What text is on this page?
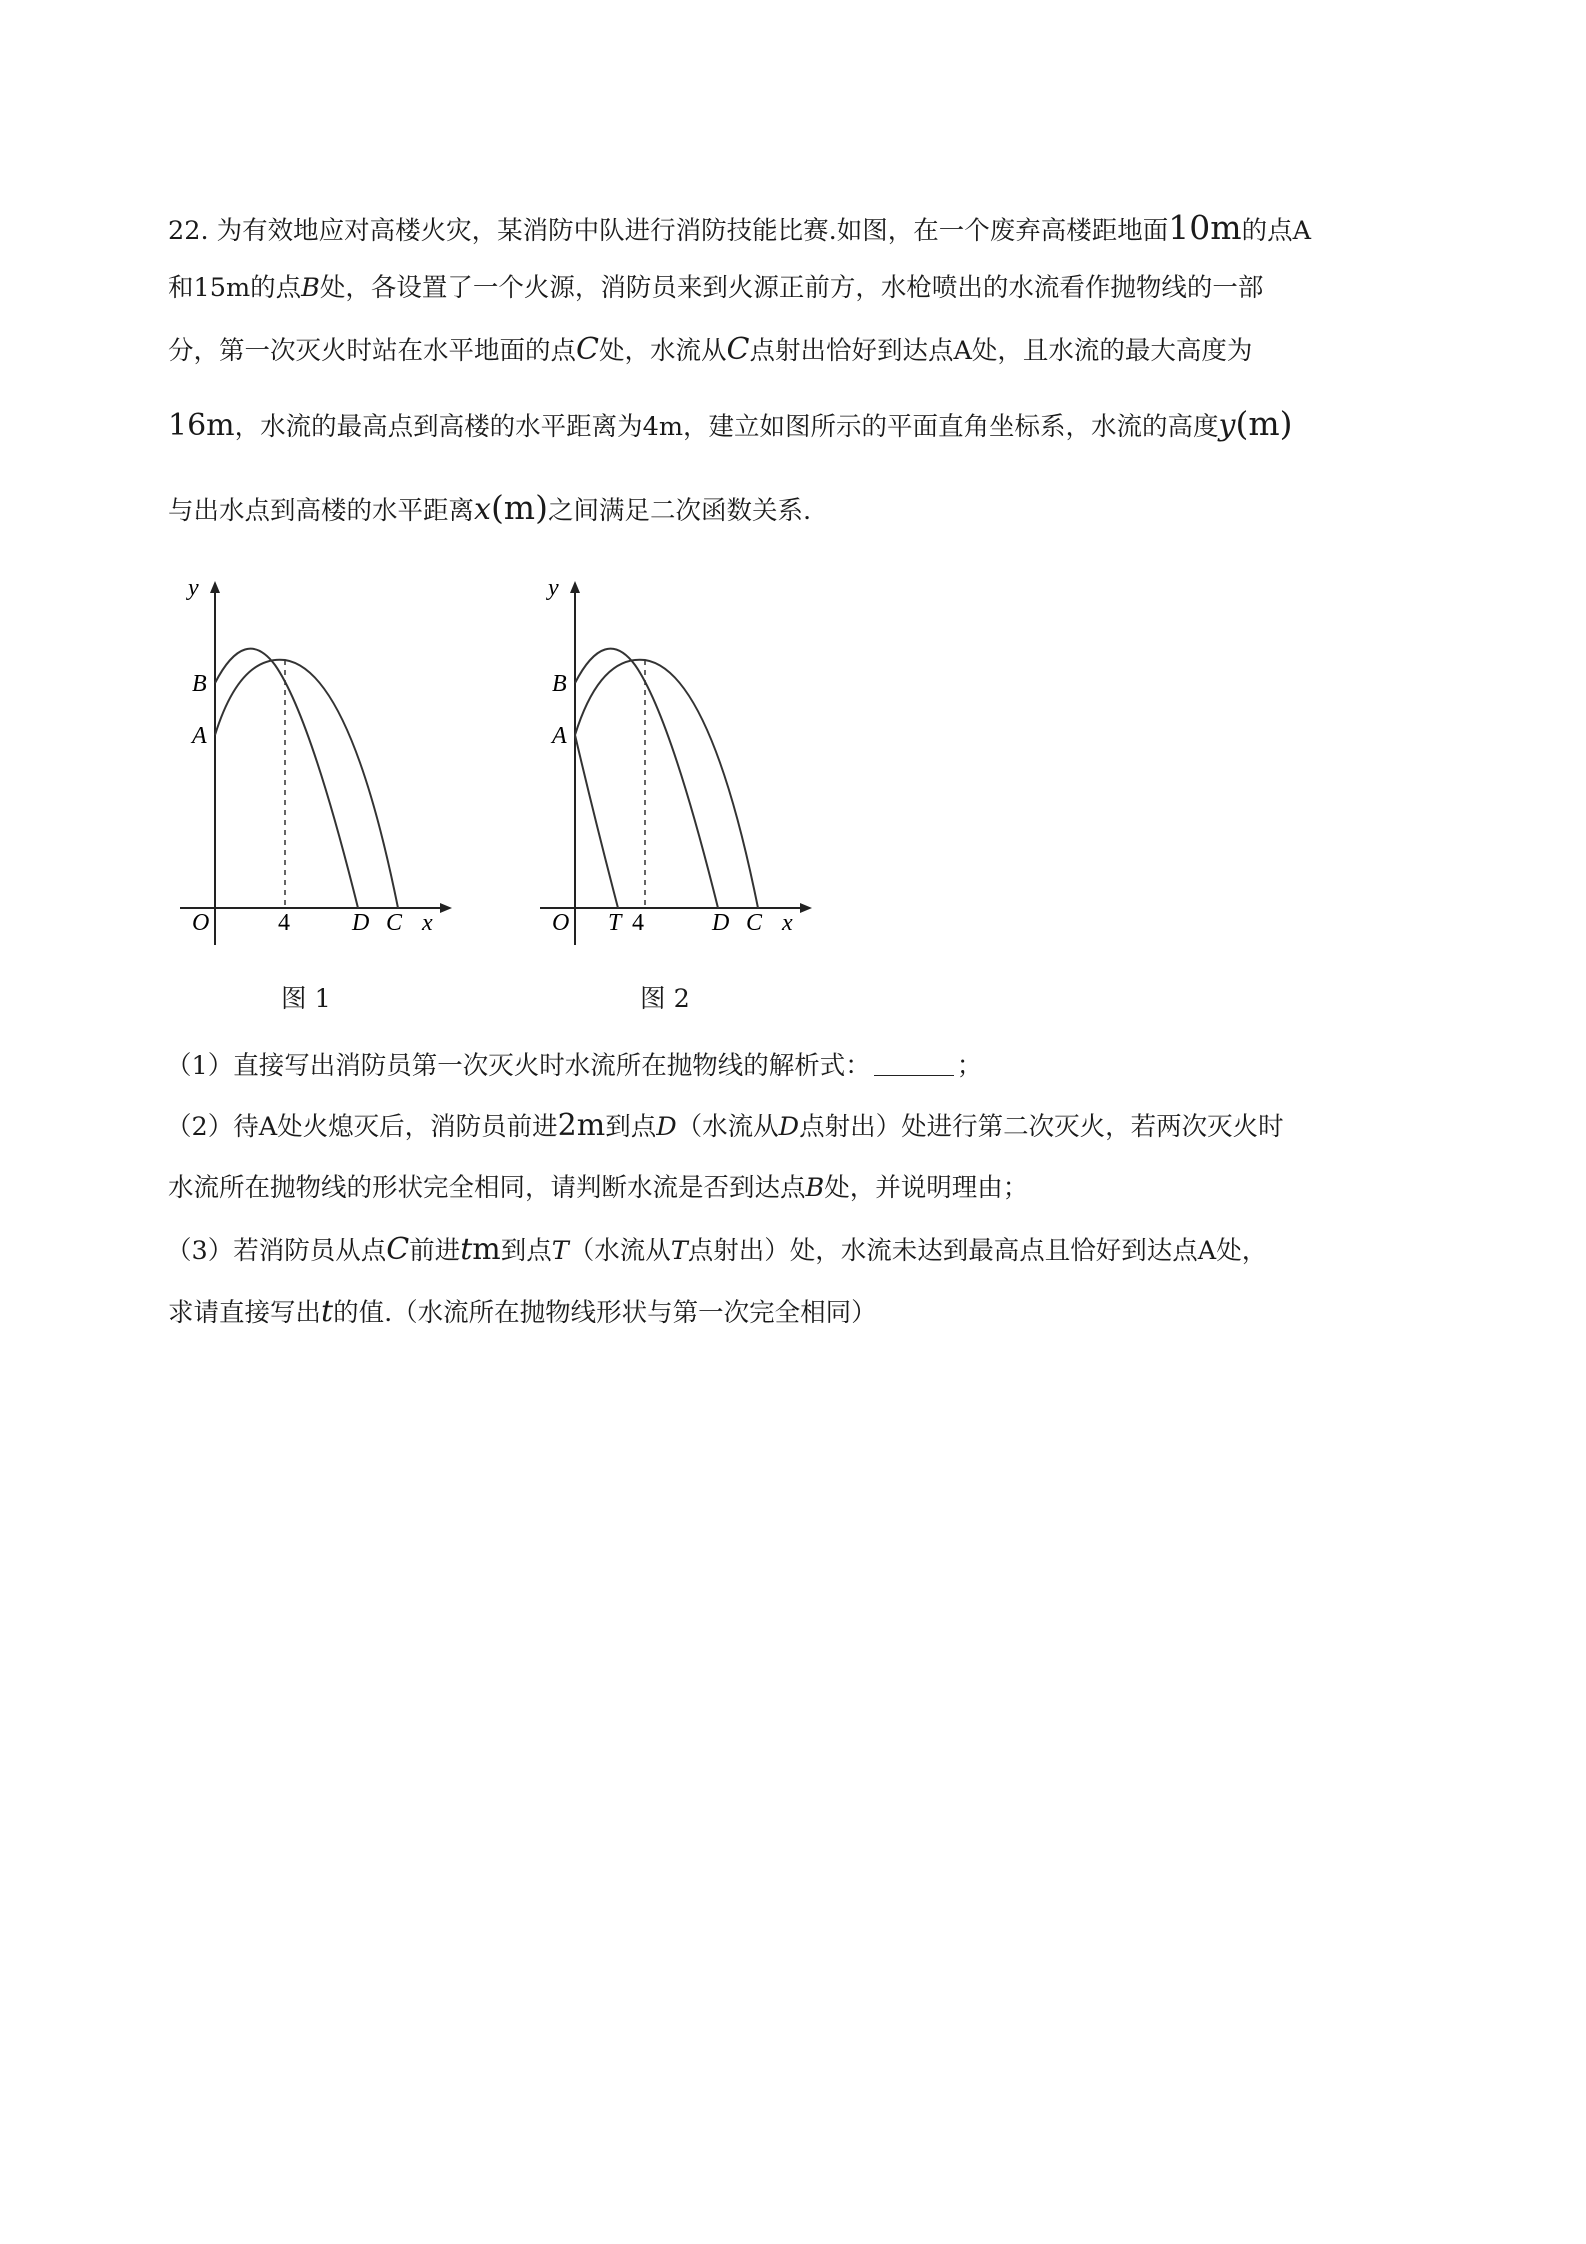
22. 为有效地应对高楼火灾，某消防中队进行消防技能比赛.如图，在一个废弃高楼距地面10m的点A
和15m的点B处，各设置了一个火源，消防员来到火源正前方，水枪喷出的水流看作抛物线的一部
分，第一次灭火时站在水平地面的点C处，水流从C点射出恰好到达点A处，且水流的最大高度为
16m，水流的最高点到高楼的水平距离为4m，建立如图所示的平面直角坐标系，水流的高度y(m)
与出水点到高楼的水平距离x(m)之间满足二次函数关系.
y
B
A
O	4	D C x
图 1
y
B
A
O T 4	D C x
图 2
（1）直接写出消防员第一次灭火时水流所在抛物线的解析式：	；
（2）待A处火熄灭后，消防员前进2m到点D（水流从D点射出）处进行第二次灭火，若两次灭火时
水流所在抛物线的形状完全相同，请判断水流是否到达点B处，并说明理由；
（3）若消防员从点C前进tm到点T（水流从T点射出）处，水流未达到最高点且恰好到达点A处，
求请直接写出t的值.（水流所在抛物线形状与第一次完全相同）
